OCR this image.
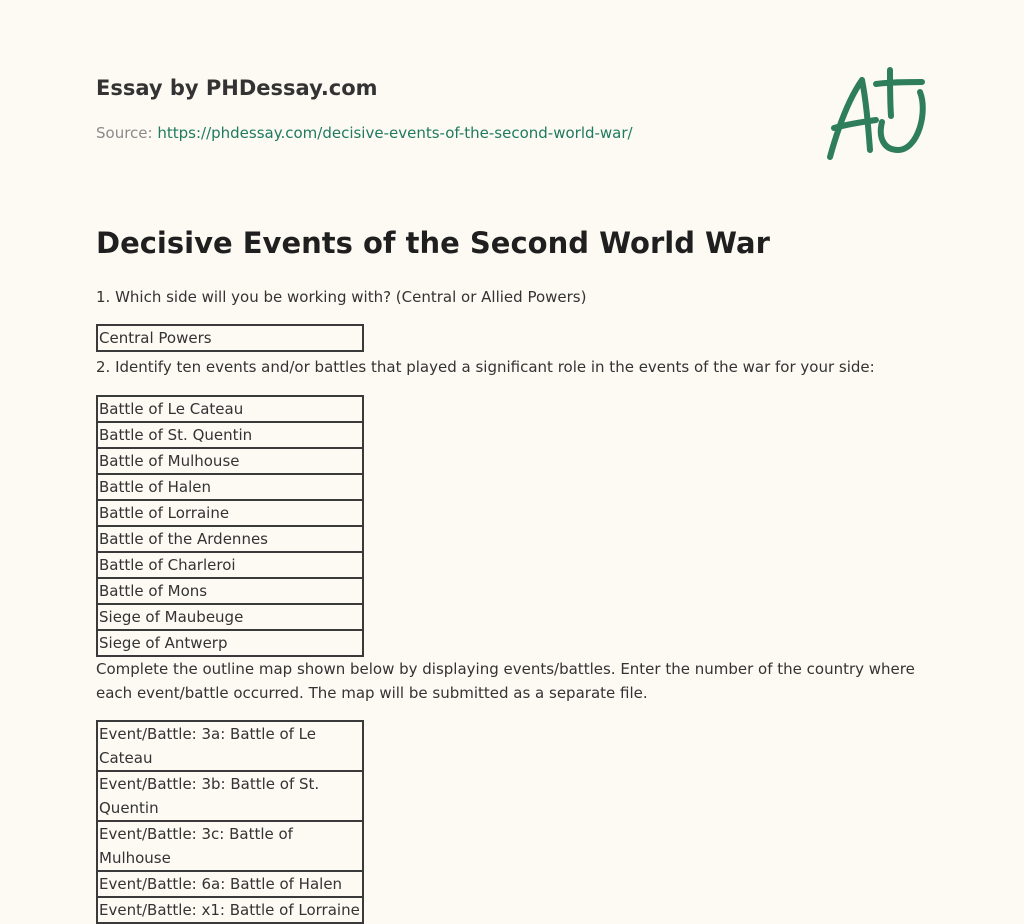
Essay by PHDessay.com

Source: https://phdessay.com/decisive-events-of-the-second-world-war/

Decisive Events of the Second World War

1. Which side will you be working with? (Central or Allied Powers)

Central Powers

2. Identify ten events and/or battles that played a significant role in the events of the war for your side:

Battle of Le Cateau
Battle of St. Quentin
Battle of Mulhouse
Battle of Halen
Battle of Lorraine
Battle of the Ardennes
Battle of Charleroi
Battle of Mons
Siege of Maubeuge
Siege of Antwerp

Complete the outline map shown below by displaying events/battles. Enter the number of the country where each event/battle occurred. The map will be submitted as a separate file.

Event/Battle: 3a: Battle of Le Cateau
Event/Battle: 3b: Battle of St. Quentin
Event/Battle: 3c: Battle of Mulhouse
Event/Battle: 6a: Battle of Halen
Event/Battle: x1: Battle of Lorraine
